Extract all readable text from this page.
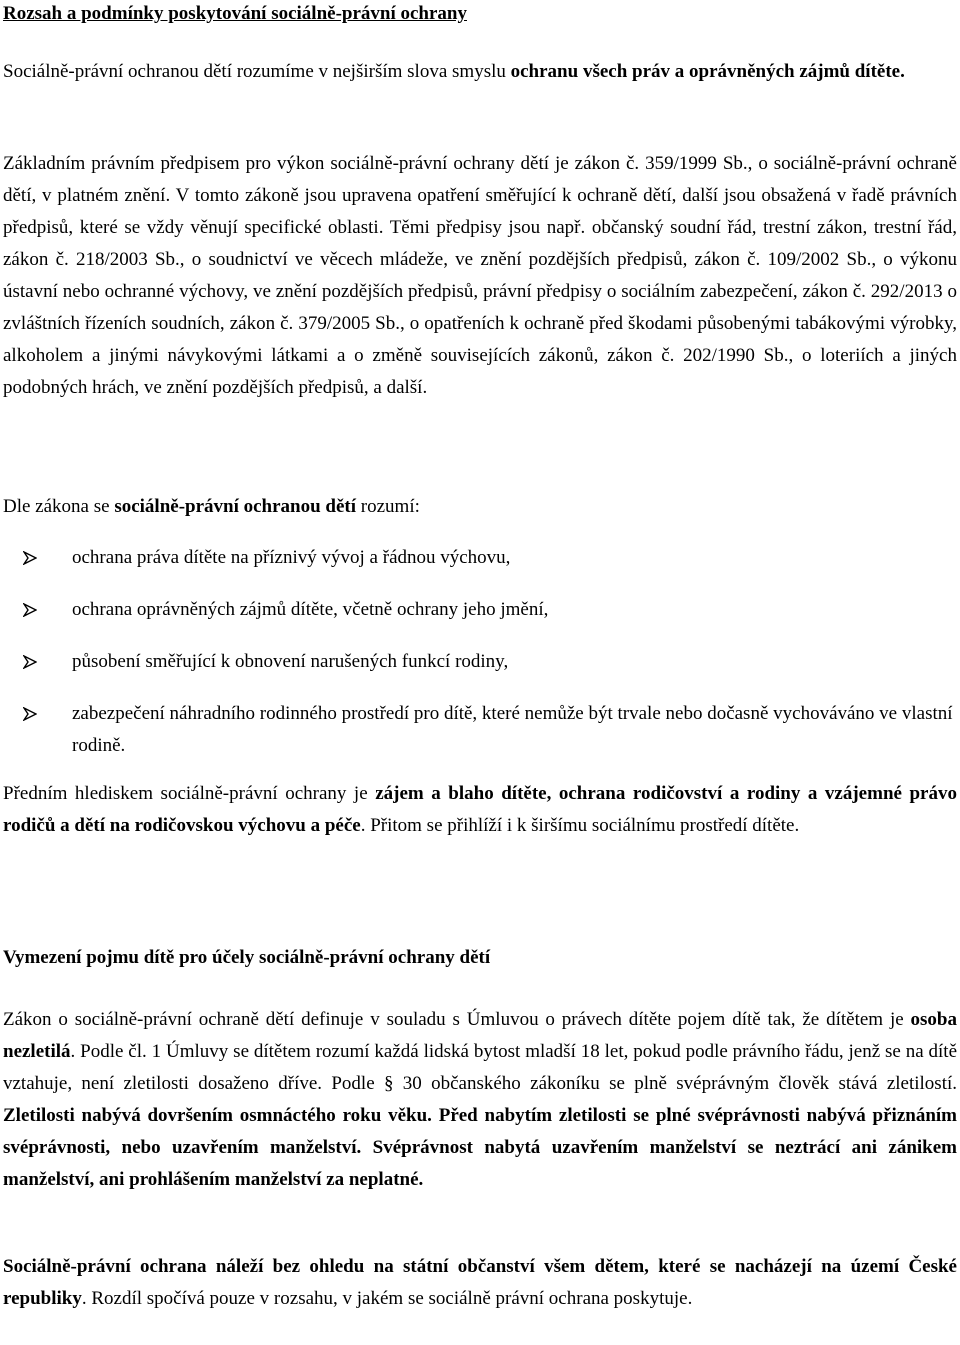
Rozsah a podmínky poskytování sociálně-právní ochrany

Sociálně-právní ochranou dětí rozumíme v nejširším slova smyslu ochranu všech práv a oprávněných zájmů dítěte.

Základním právním předpisem pro výkon sociálně-právní ochrany dětí je zákon č. 359/1999 Sb., o sociálně-právní ochraně dětí, v platném znění. V tomto zákoně jsou upravena opatření směřující k ochraně dětí, další jsou obsažená v řadě právních předpisů, které se vždy věnují specifické oblasti. Těmi předpisy jsou např. občanský soudní řád, trestní zákon, trestní řád, zákon č. 218/2003 Sb., o soudnictví ve věcech mládeže, ve znění pozdějších předpisů, zákon č. 109/2002 Sb., o výkonu ústavní nebo ochranné výchovy, ve znění pozdějších předpisů, právní předpisy o sociálním zabezpečení, zákon č. 292/2013 o zvláštních řízeních soudních, zákon č. 379/2005 Sb., o opatřeních k ochraně před škodami působenými tabákovými výrobky, alkoholem a jinými návykovými látkami a o změně souvisejících zákonů, zákon č. 202/1990 Sb., o loteriích a jiných podobných hrách, ve znění pozdějších předpisů, a další.

Dle zákona se sociálně-právní ochranou dětí rozumí:

ochrana práva dítěte na příznivý vývoj a řádnou výchovu,
ochrana oprávněných zájmů dítěte, včetně ochrany jeho jmění,
působení směřující k obnovení narušených funkcí rodiny,
zabezpečení náhradního rodinného prostředí pro dítě, které nemůže být trvale nebo dočasně vychováváno ve vlastní rodině.

Předním hlediskem sociálně-právní ochrany je zájem a blaho dítěte, ochrana rodičovství a rodiny a vzájemné právo rodičů a dětí na rodičovskou výchovu a péče. Přitom se přihlíží i k širšímu sociálnímu prostředí dítěte.

Vymezení pojmu dítě pro účely sociálně-právní ochrany dětí

Zákon o sociálně-právní ochraně dětí definuje v souladu s Úmluvou o právech dítěte pojem dítě tak, že dítětem je osoba nezletilá. Podle čl. 1 Úmluvy se dítětem rozumí každá lidská bytost mladší 18 let, pokud podle právního řádu, jenž se na dítě vztahuje, není zletilosti dosaženo dříve. Podle § 30 občanského zákoníku se plně svéprávným člověk stává zletilostí. Zletilosti nabývá dovršením osmnáctého roku věku. Před nabytím zletilosti se plné svéprávnosti nabývá přiznáním svéprávnosti, nebo uzavřením manželství. Svéprávnost nabytá uzavřením manželství se neztrácí ani zánikem manželství, ani prohlášením manželství za neplatné.

Sociálně-právní ochrana náleží bez ohledu na státní občanství všem dětem, které se nacházejí na území České republiky. Rozdíl spočívá pouze v rozsahu, v jakém se sociálně právní ochrana poskytuje.
